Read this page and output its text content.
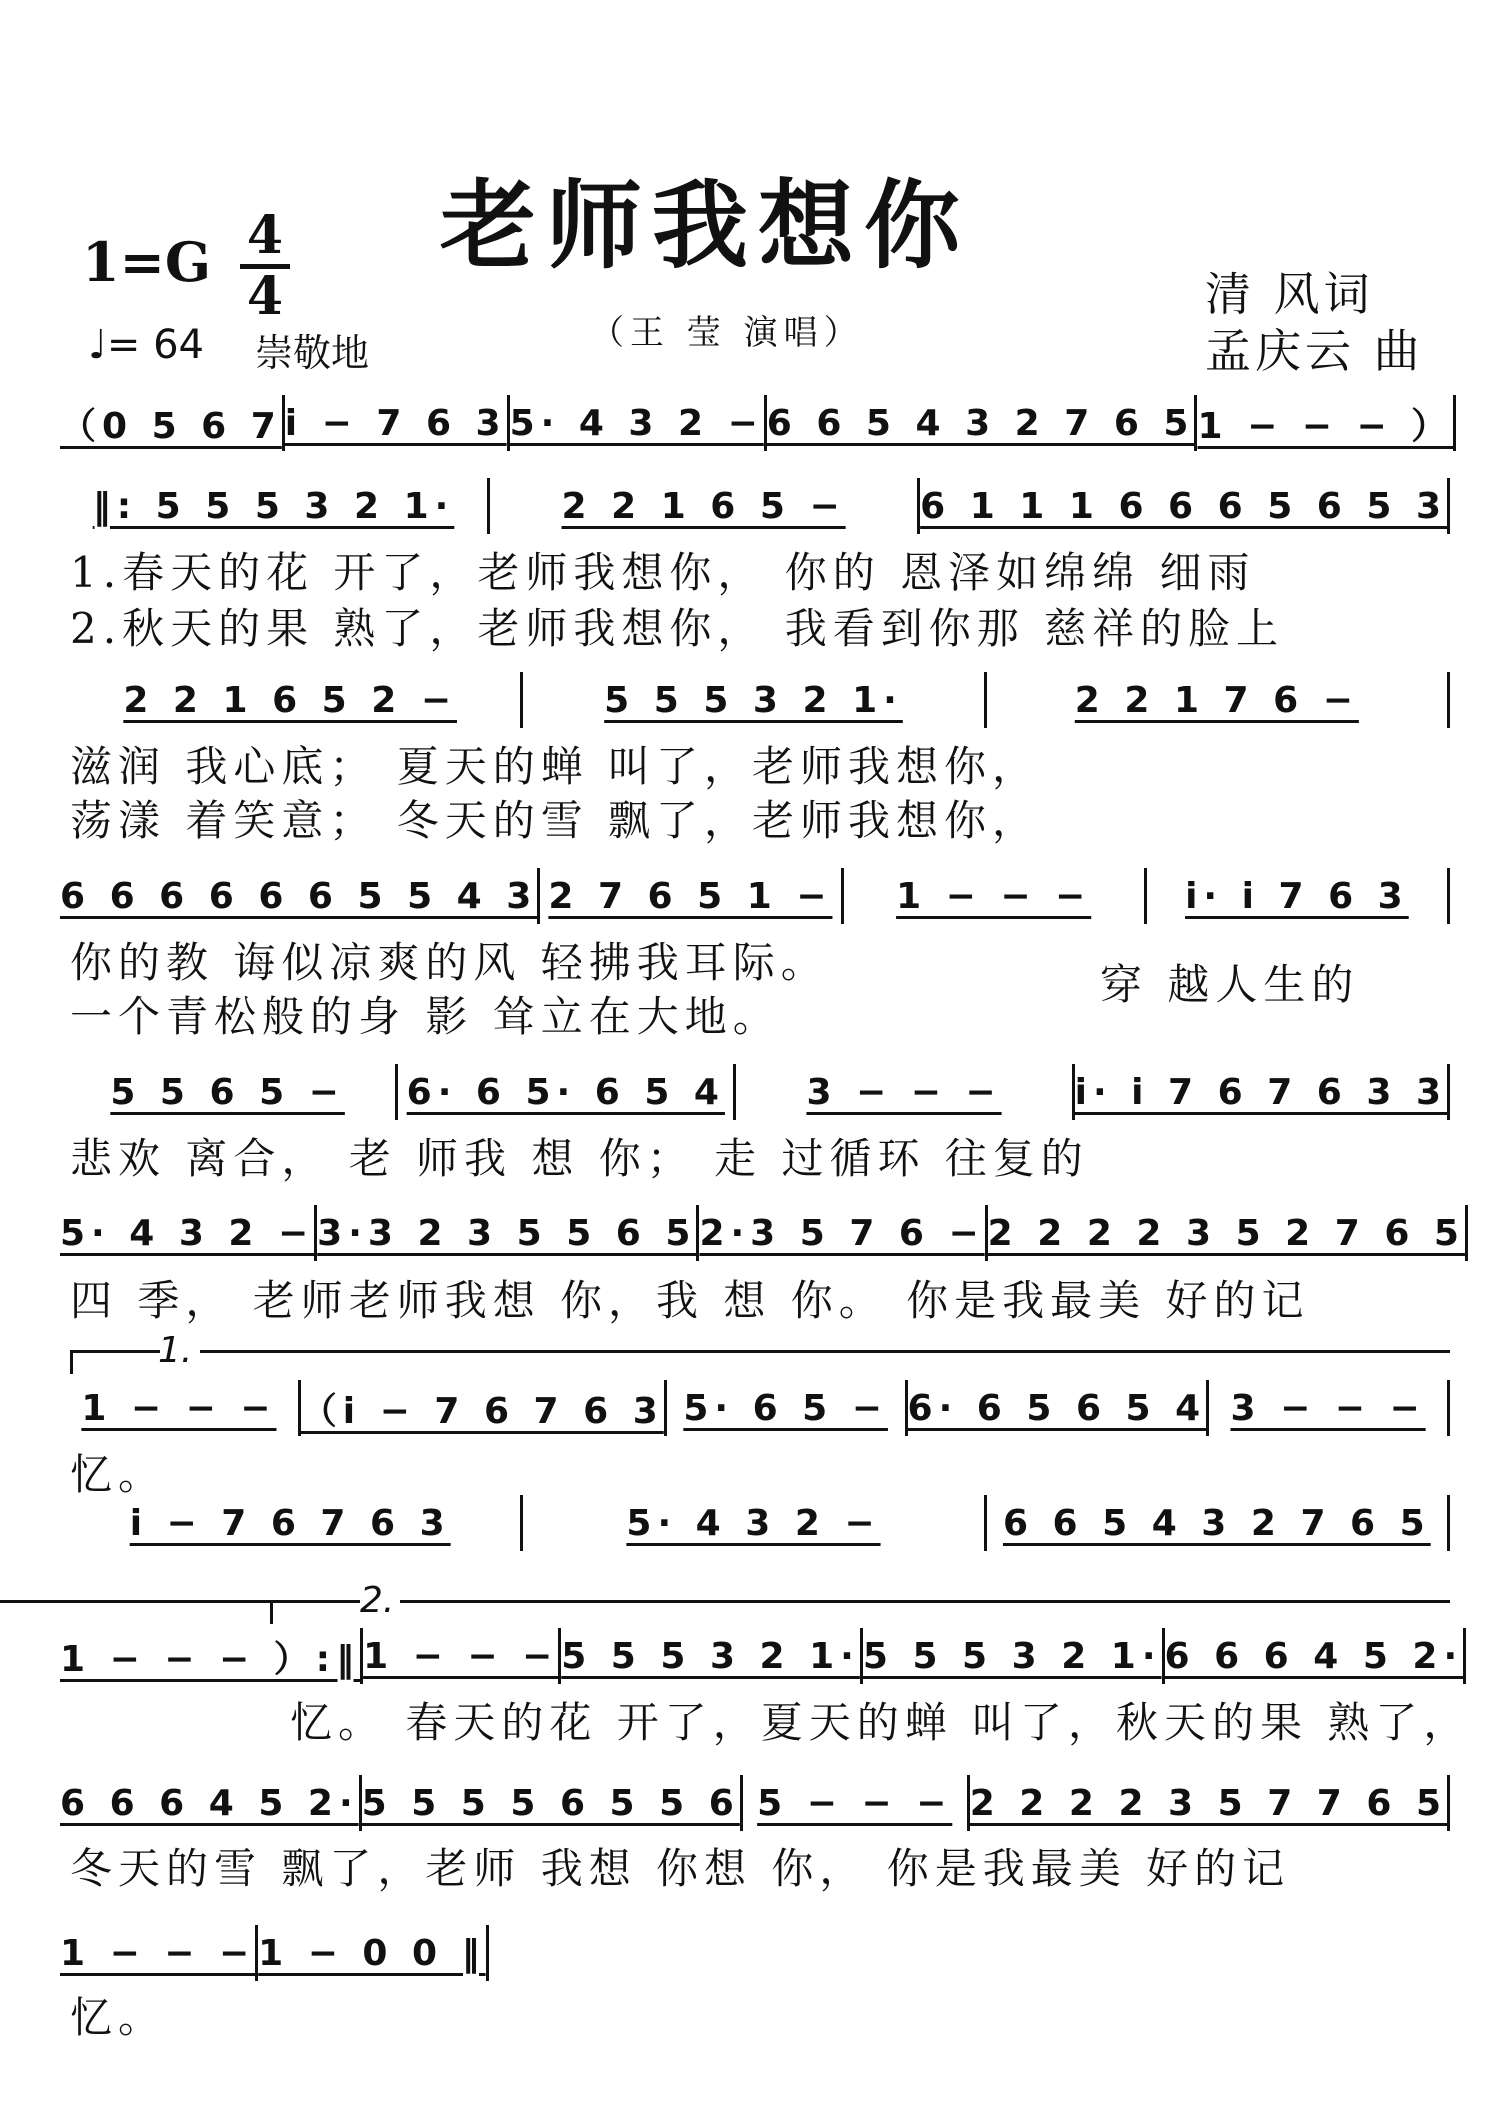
老师我想你
（王 莹 演唱）
1=G 4
4
♩= 64 崇敬地
清 风词
孟庆云 曲
（0 5 6 7 i − 7 6 3 5· 4 3 2 − 6 6 5 4 3 2 7 6 5 1 − − − ）
‖: 5 5 5 3 2 1·	2 2 1 6 5 −	6 1 1 1 6 6 6 5 6 5 3
1.春天的花 开了，老师我想你， 你的 恩泽如绵绵 细雨
2.秋天的果 熟了，老师我想你， 我看到你那 慈祥的脸上
2 2 1 6 5 2 −	5 5 5 3 2 1·	2 2 1 7 6 −
滋润 我心底； 夏天的蝉 叫了，老师我想你，
荡漾 着笑意； 冬天的雪 飘了，老师我想你，
6 6 6 6 6 6 5 5 4 3 2 7 6 5 1 −	1 − − −	i· i 7 6 3
你的教 诲似凉爽的风 轻拂我耳际。
一个青松般的身 影 耸立在大地。
穿 越人生的
5 5 6 5 −	6· 6 5· 6 5 4	3 − − −	i· i 7 6 7 6 3 3
悲欢 离合， 老 师我 想 你； 走 过循环 往复的
5· 4 3 2 − 3·3 2 3 5 5 6 5 2·3 5 7 6 − 2 2 2 2 3 5 2 7 6 5
四 季， 老师老师我想 你，我 想 你。 你是我最美 好的记
1.
1 − − − （i − 7 6 7 6 3 5· 6 5 − 6· 6 5 6 5 4 3 − − −
忆。
i − 7 6 7 6 3	5· 4 3 2 −	6 6 5 4 3 2 7 6 5
2.
1 − − − ）:‖ 1 − − − 5 5 5 3 2 1· 5 5 5 3 2 1· 6 6 6 4 5 2·
忆。 春天的花 开了，夏天的蝉 叫了，秋天的果 熟了，
6 6 6 4 5 2· 5 5 5 5 6 5 5 6 5 − − − 2 2 2 2 3 5 7 7 6 5
冬天的雪 飘了，老师 我想 你想 你， 你是我最美 好的记
1 − − − 1 − 0 0 ‖
忆。
